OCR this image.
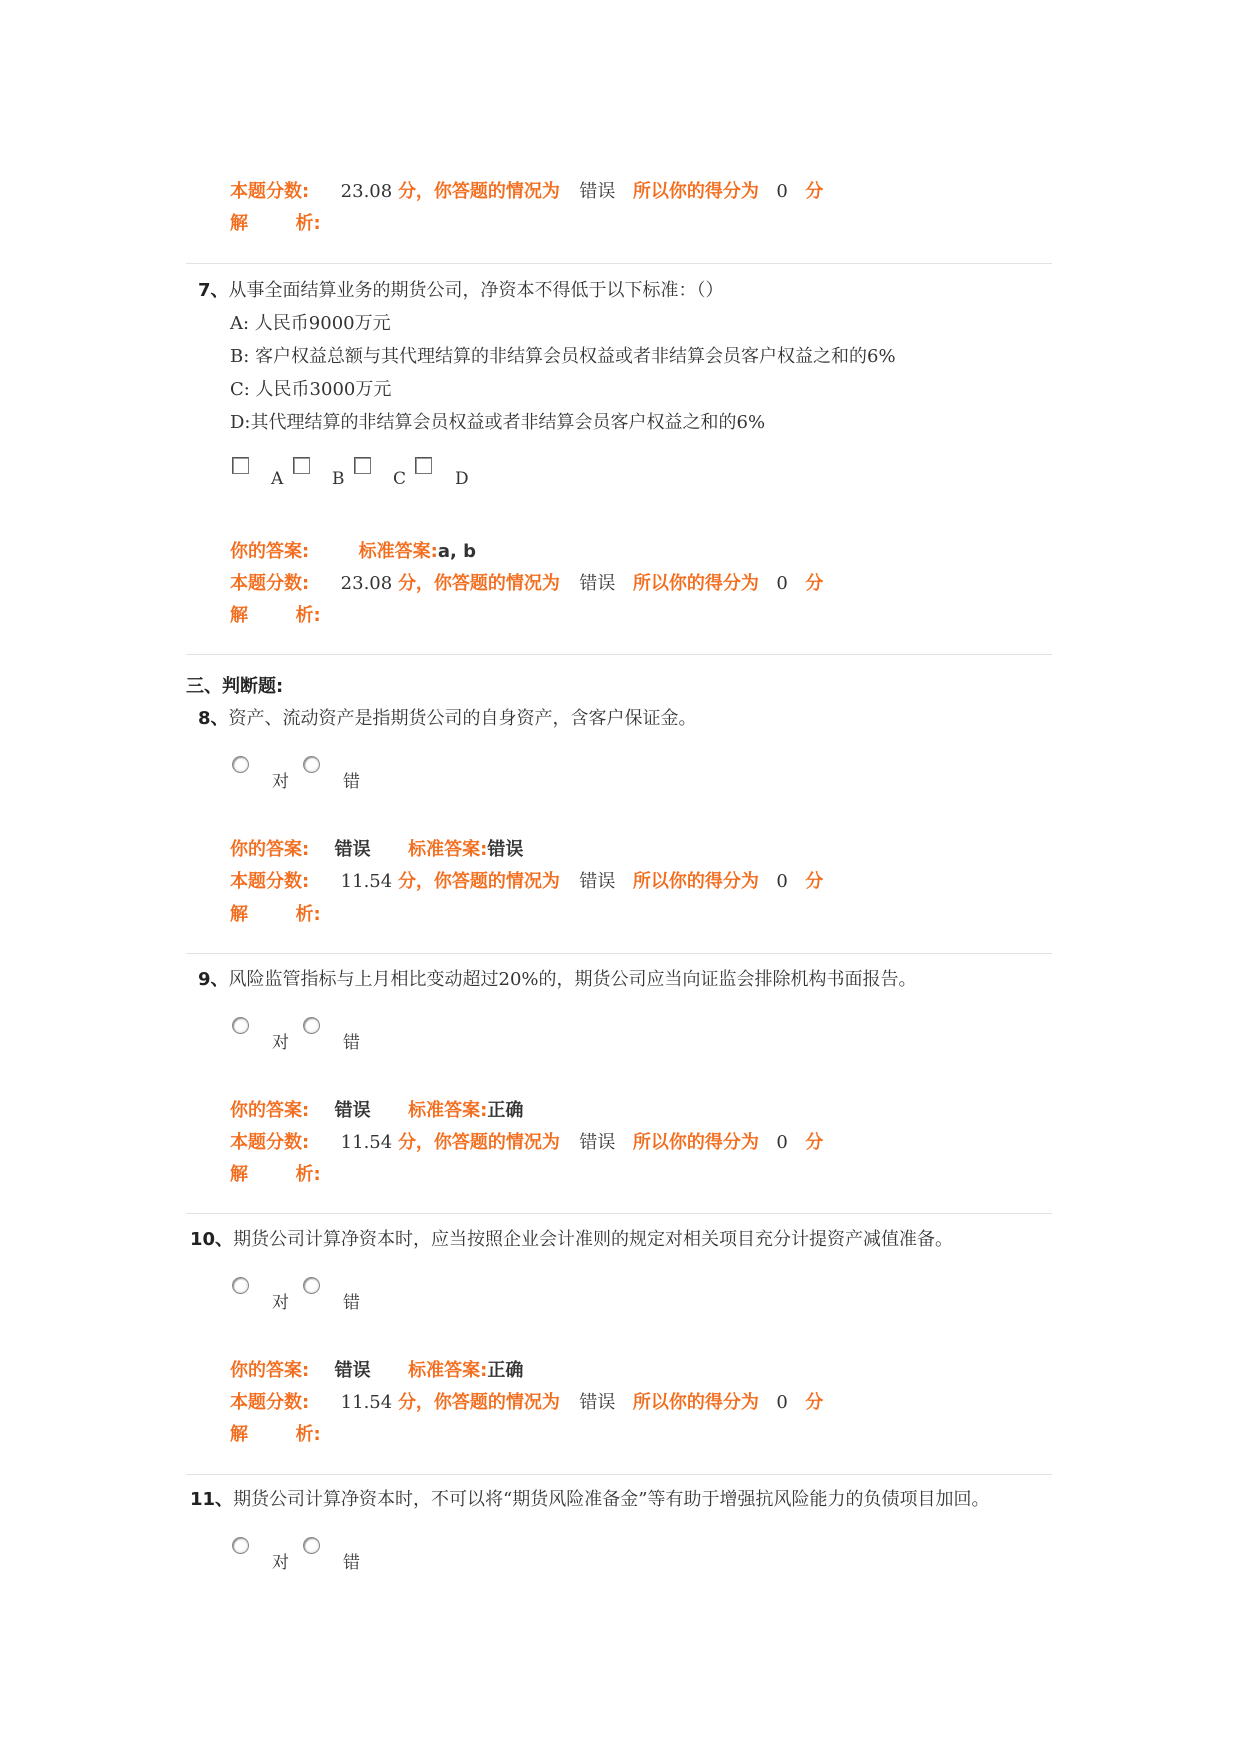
本题分数: 23.08 分，你答题的情况为 错误 所以你的得分为 0 分
解	析:
7、从事全面结算业务的期货公司，净资本不得低于以下标准：（）
A: 人民币9000万元
B: 客户权益总额与其代理结算的非结算会员权益或者非结算会员客户权益之和的6%
C: 人民币3000万元
D:其代理结算的非结算会员权益或者非结算会员客户权益之和的6%
A	B	C	D
你的答案:	标准答案:a, b
本题分数: 23.08 分，你答题的情况为 错误 所以你的得分为 0 分
解	析:
三、判断题:
8、资产、流动资产是指期货公司的自身资产，含客户保证金。
对	错
你的答案: 错误 标准答案:错误
本题分数: 11.54 分，你答题的情况为 错误 所以你的得分为 0 分
解	析:
9、风险监管指标与上月相比变动超过20%的，期货公司应当向证监会排除机构书面报告。
对	错
你的答案: 错误 标准答案:正确
本题分数: 11.54 分，你答题的情况为 错误 所以你的得分为 0 分
解	析:
10、期货公司计算净资本时，应当按照企业会计准则的规定对相关项目充分计提资产减值准备。
对	错
你的答案: 错误 标准答案:正确
本题分数: 11.54 分，你答题的情况为 错误 所以你的得分为 0 分
解	析:
11、期货公司计算净资本时，不可以将“期货风险准备金”等有助于增强抗风险能力的负债项目加回。
对	错
